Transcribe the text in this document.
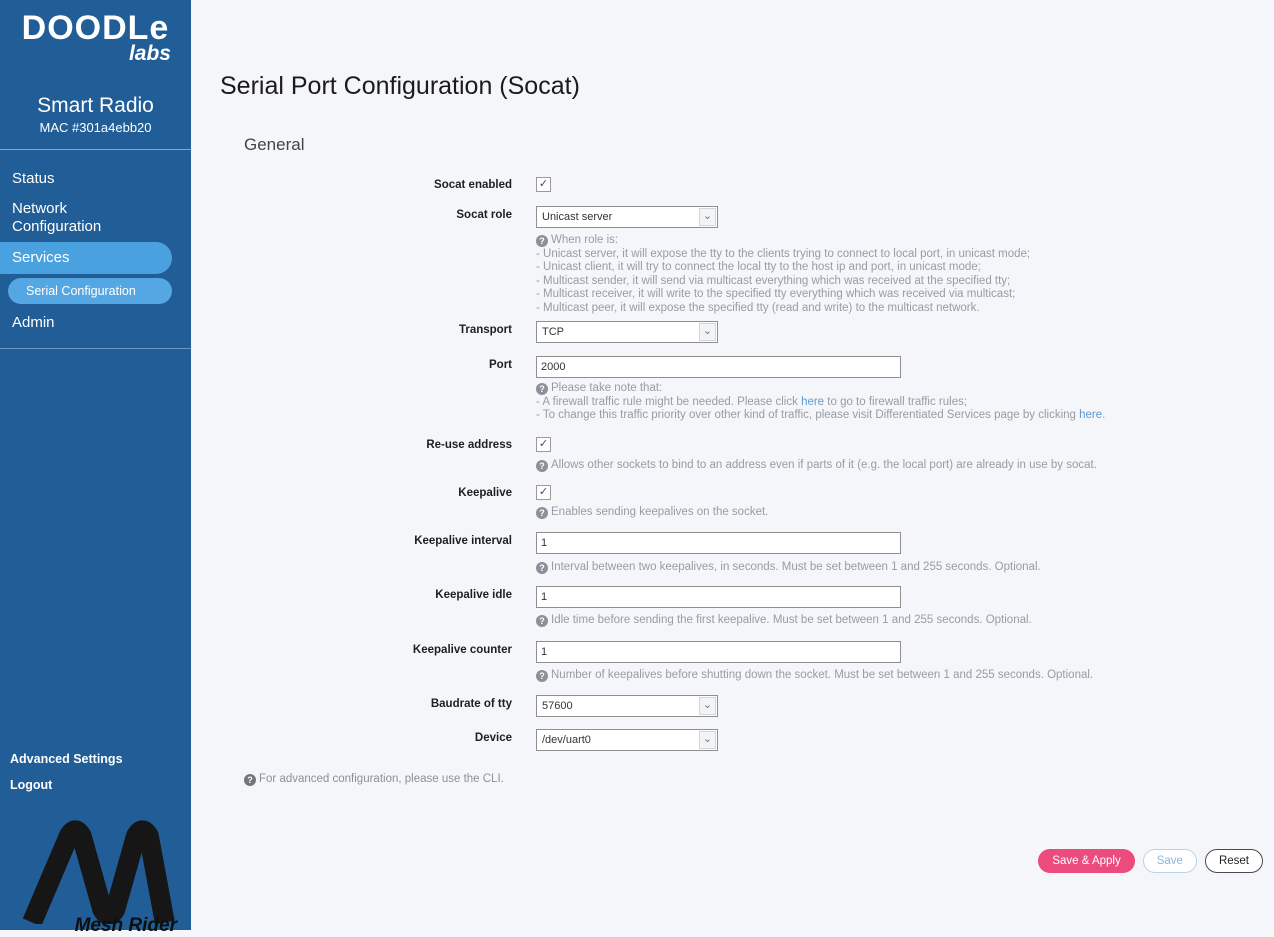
DOODLe
labs
Smart Radio
MAC #301a4ebb20
Status
Network Configuration
Services
Serial Configuration
Admin
Advanced Settings
Logout
Mesh Rider
Serial Port Configuration (Socat)
General
Socat enabled ✓
Socat role	Unicast server	⌄
? When role is:
- Unicast server, it will expose the tty to the clients trying to connect to local port, in unicast mode;
- Unicast client, it will try to connect the local tty to the host ip and port, in unicast mode;
- Multicast sender, it will send via multicast everything which was received at the specified tty;
- Multicast receiver, it will write to the specified tty everything which was received via multicast;
- Multicast peer, it will expose the specified tty (read and write) to the multicast network.
Transport	TCP	⌄
Port
2000
? Please take note that:
- A firewall traffic rule might be needed. Please click here to go to firewall traffic rules;
- To change this traffic priority over other kind of traffic, please visit Differentiated Services page by clicking here.
Re-use address ✓
? Allows other sockets to bind to an address even if parts of it (e.g. the local port) are already in use by socat.
Keepalive ✓
? Enables sending keepalives on the socket.
Keepalive interval
1
? Interval between two keepalives, in seconds. Must be set between 1 and 255 seconds. Optional.
Keepalive idle
1
? Idle time before sending the first keepalive. Must be set between 1 and 255 seconds. Optional.
Keepalive counter
1
? Number of keepalives before shutting down the socket. Must be set between 1 and 255 seconds. Optional.
Baudrate of tty	57600	⌄
Device	/dev/uart0	⌄
? For advanced configuration, please use the CLI.
Save & Apply	Save	Reset
